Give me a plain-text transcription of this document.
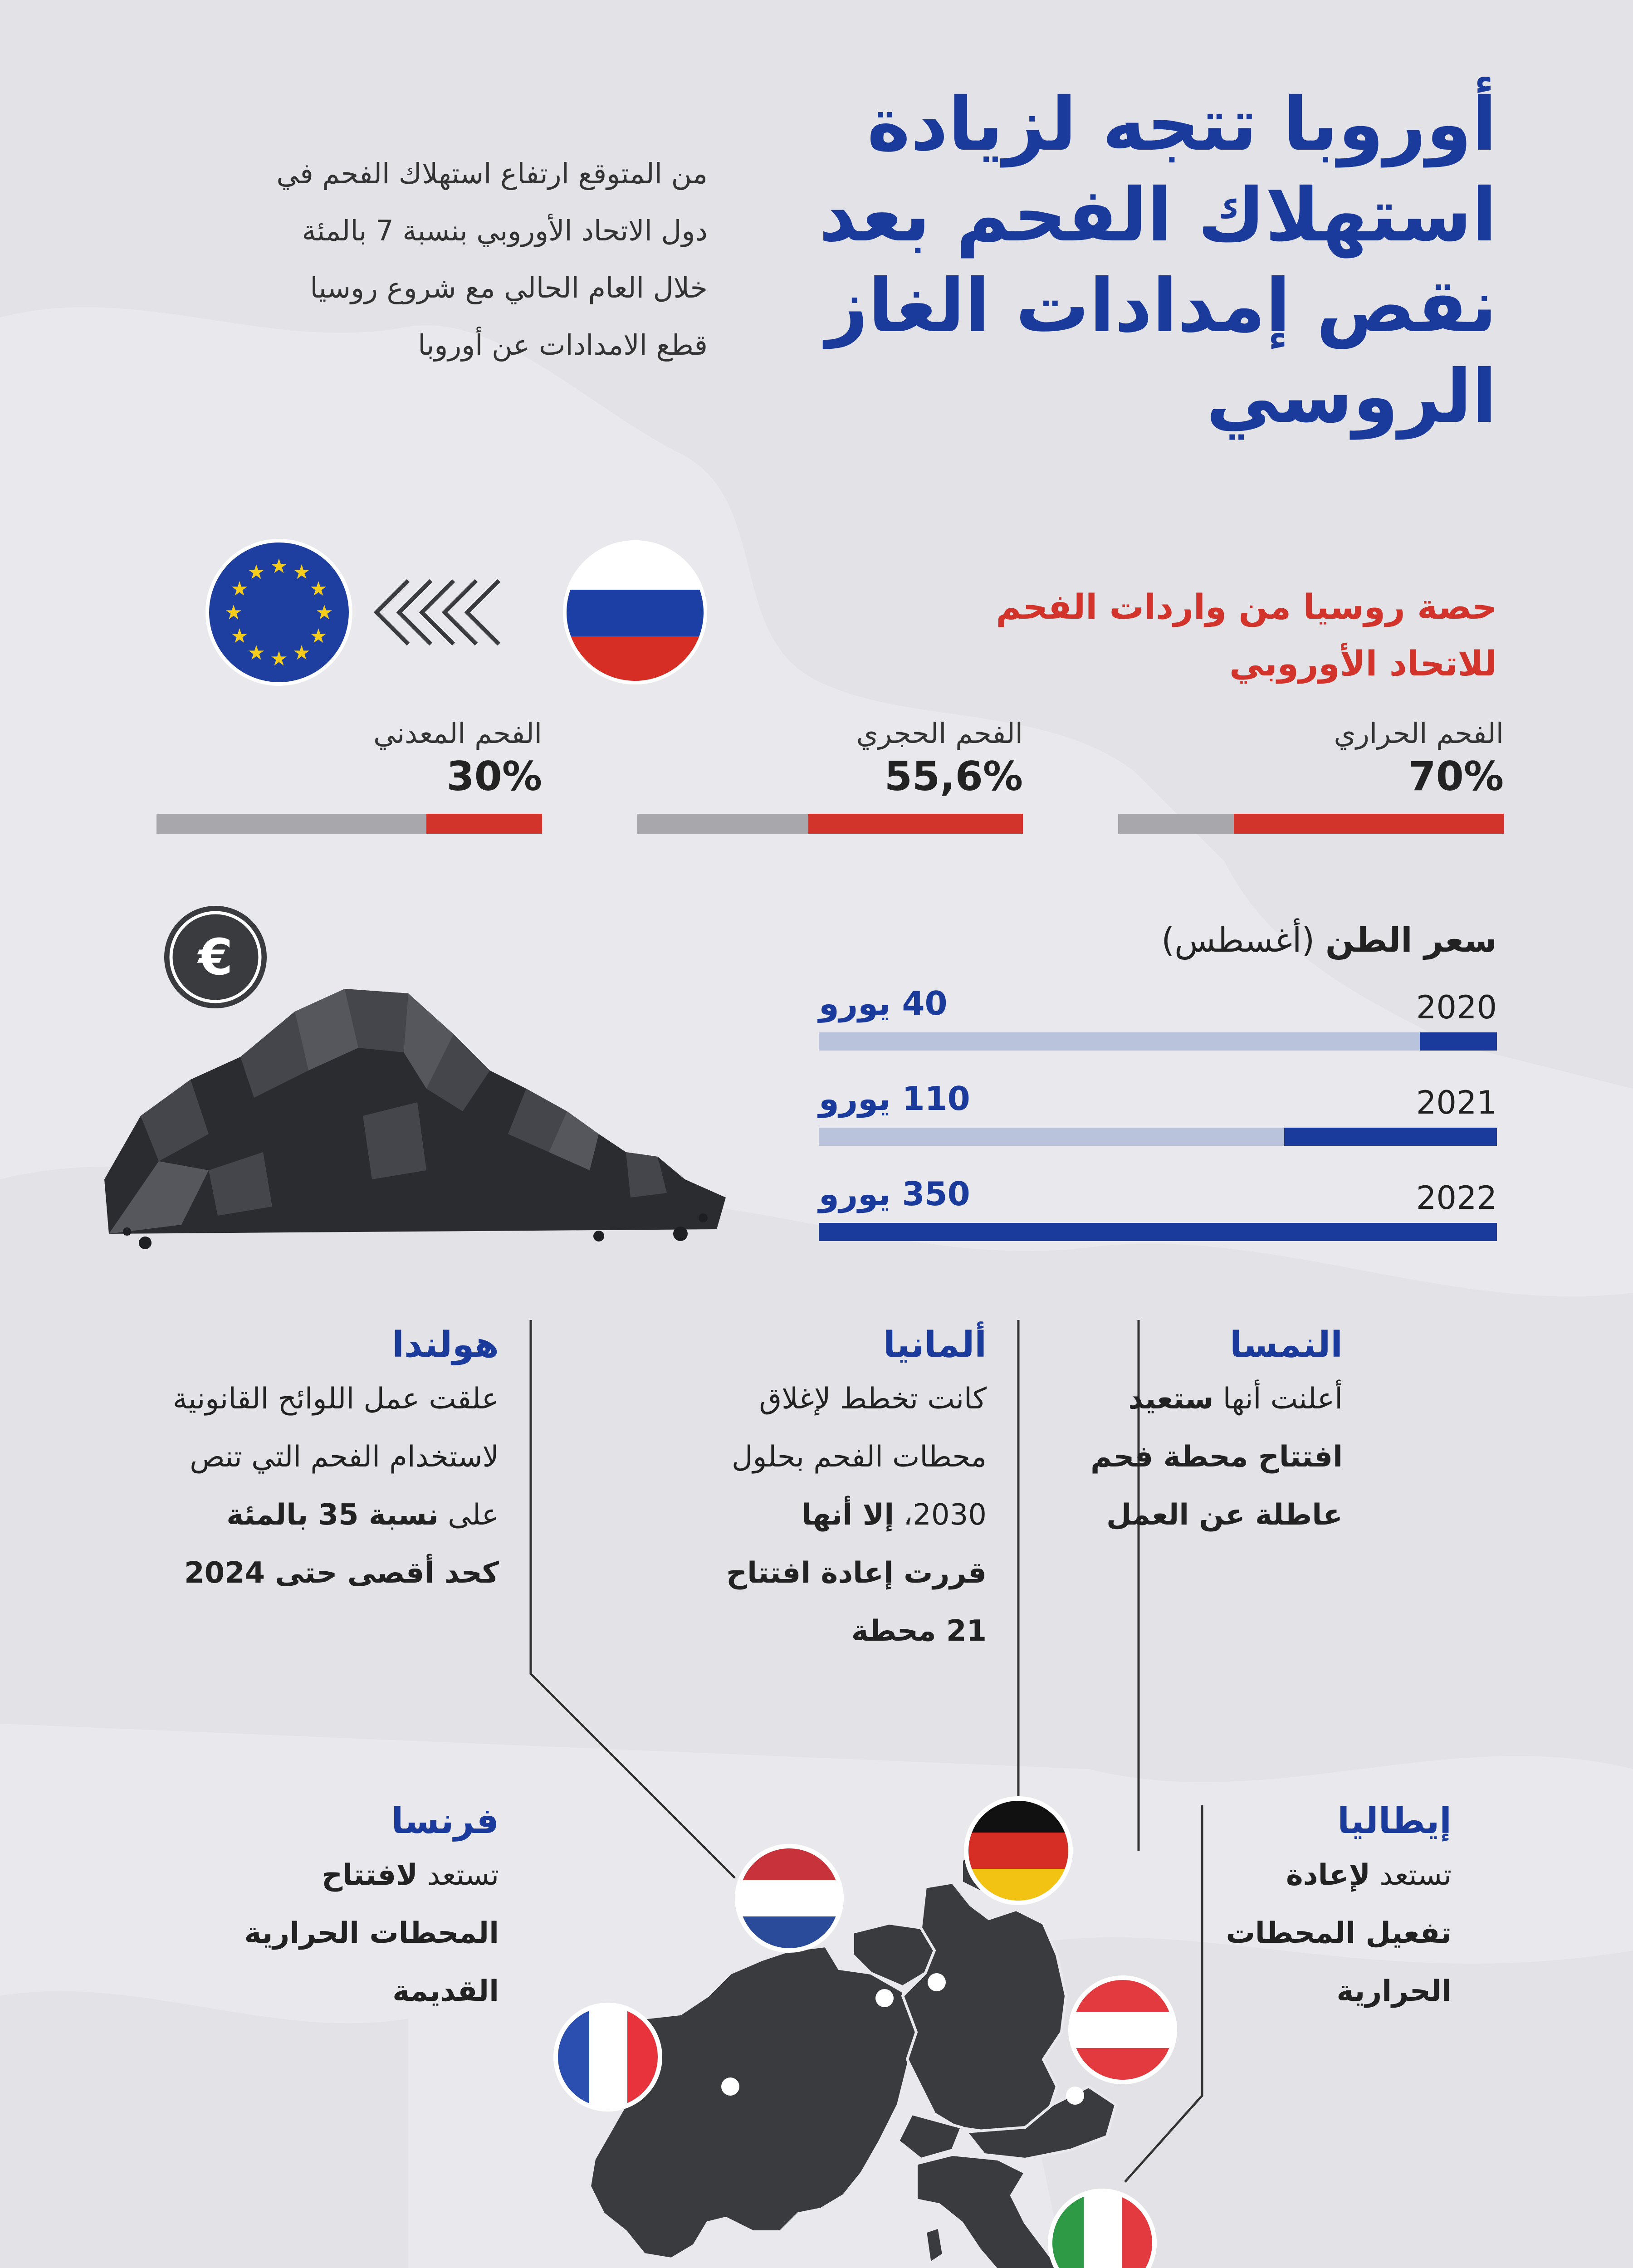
أوروبا تتجه لزيادة استهلاك الفحم بعد نقص إمدادات الغاز الروسي
من المتوقع ارتفاع استهلاك الفحم في دول الاتحاد الأوروبي بنسبة 7 بالمئة خلال العام الحالي مع شروع روسيا قطع الامدادات عن أوروبا
★ ★
★
★
★
★
★
★
★
★
★
★
حصة روسيا من واردات الفحم للاتحاد الأوروبي
الفحم الحراري
70%
الفحم الحجري
55,6%
الفحم المعدني
30%
€	سعر الطن (أغسطس)
2020
40 يورو
2021
110 يورو
2022
350 يورو
هولندا
علقت عمل اللوائح القانونية لاستخدام الفحم التي تنص على نسبة 35 بالمئة كحد أقصى حتى 2024
ألمانيا
كانت تخطط لإغلاق محطات الفحم بحلول 2030، إلا أنها قررت إعادة افتتاح 21 محطة
النمسا
أعلنت أنها ستعيد افتتاح محطة فحم عاطلة عن العمل
فرنسا
تستعد لافتتاح المحطات الحرارية القديمة
إيطاليا
تستعد لإعادة تفعيل المحطات الحرارية
